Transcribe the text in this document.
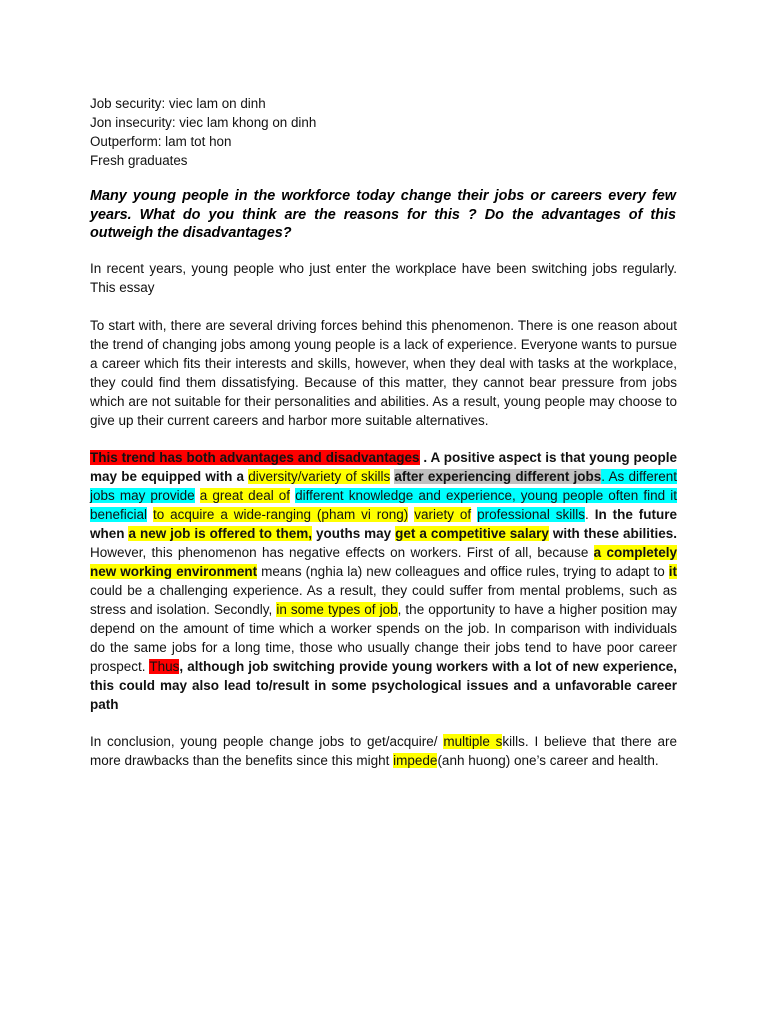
Job security: viec lam on dinh
Jon insecurity: viec lam khong on dinh
Outperform: lam tot hon
Fresh graduates
Many young people in the workforce today change their jobs or careers every few years. What do you think are the reasons for this ? Do the advantages of this outweigh the disadvantages?
In recent years, young people who just enter the workplace have been switching jobs regularly. This essay
To start with, there are several driving forces behind this phenomenon. There is one reason about the trend of changing jobs among young people is a lack of experience. Everyone wants to pursue a career which fits their interests and skills, however, when they deal with tasks at the workplace, they could find them dissatisfying. Because of this matter, they cannot bear pressure from jobs which are not suitable for their personalities and abilities. As a result, young people may choose to give up their current careers and harbor more suitable alternatives.
This trend has both advantages and disadvantages . A positive aspect is that young people may be equipped with a diversity/variety of skills after experiencing different jobs. As different jobs may provide a great deal of different knowledge and experience, young people often find it beneficial to acquire a wide-ranging (pham vi rong) variety of professional skills. In the future when a new job is offered to them, youths may get a competitive salary with these abilities. However, this phenomenon has negative effects on workers. First of all, because a completely new working environment means (nghia la) new colleagues and office rules, trying to adapt to it could be a challenging experience. As a result, they could suffer from mental problems, such as stress and isolation. Secondly, in some types of job, the opportunity to have a higher position may depend on the amount of time which a worker spends on the job. In comparison with individuals do the same jobs for a long time, those who usually change their jobs tend to have poor career prospect. Thus, although job switching provide young workers with a lot of new experience, this could may also lead to/result in some psychological issues and a unfavorable career path
In conclusion, young people change jobs to get/acquire/ multiple skills. I believe that there are more drawbacks than the benefits since this might impede(anh huong) one’s career and health.
